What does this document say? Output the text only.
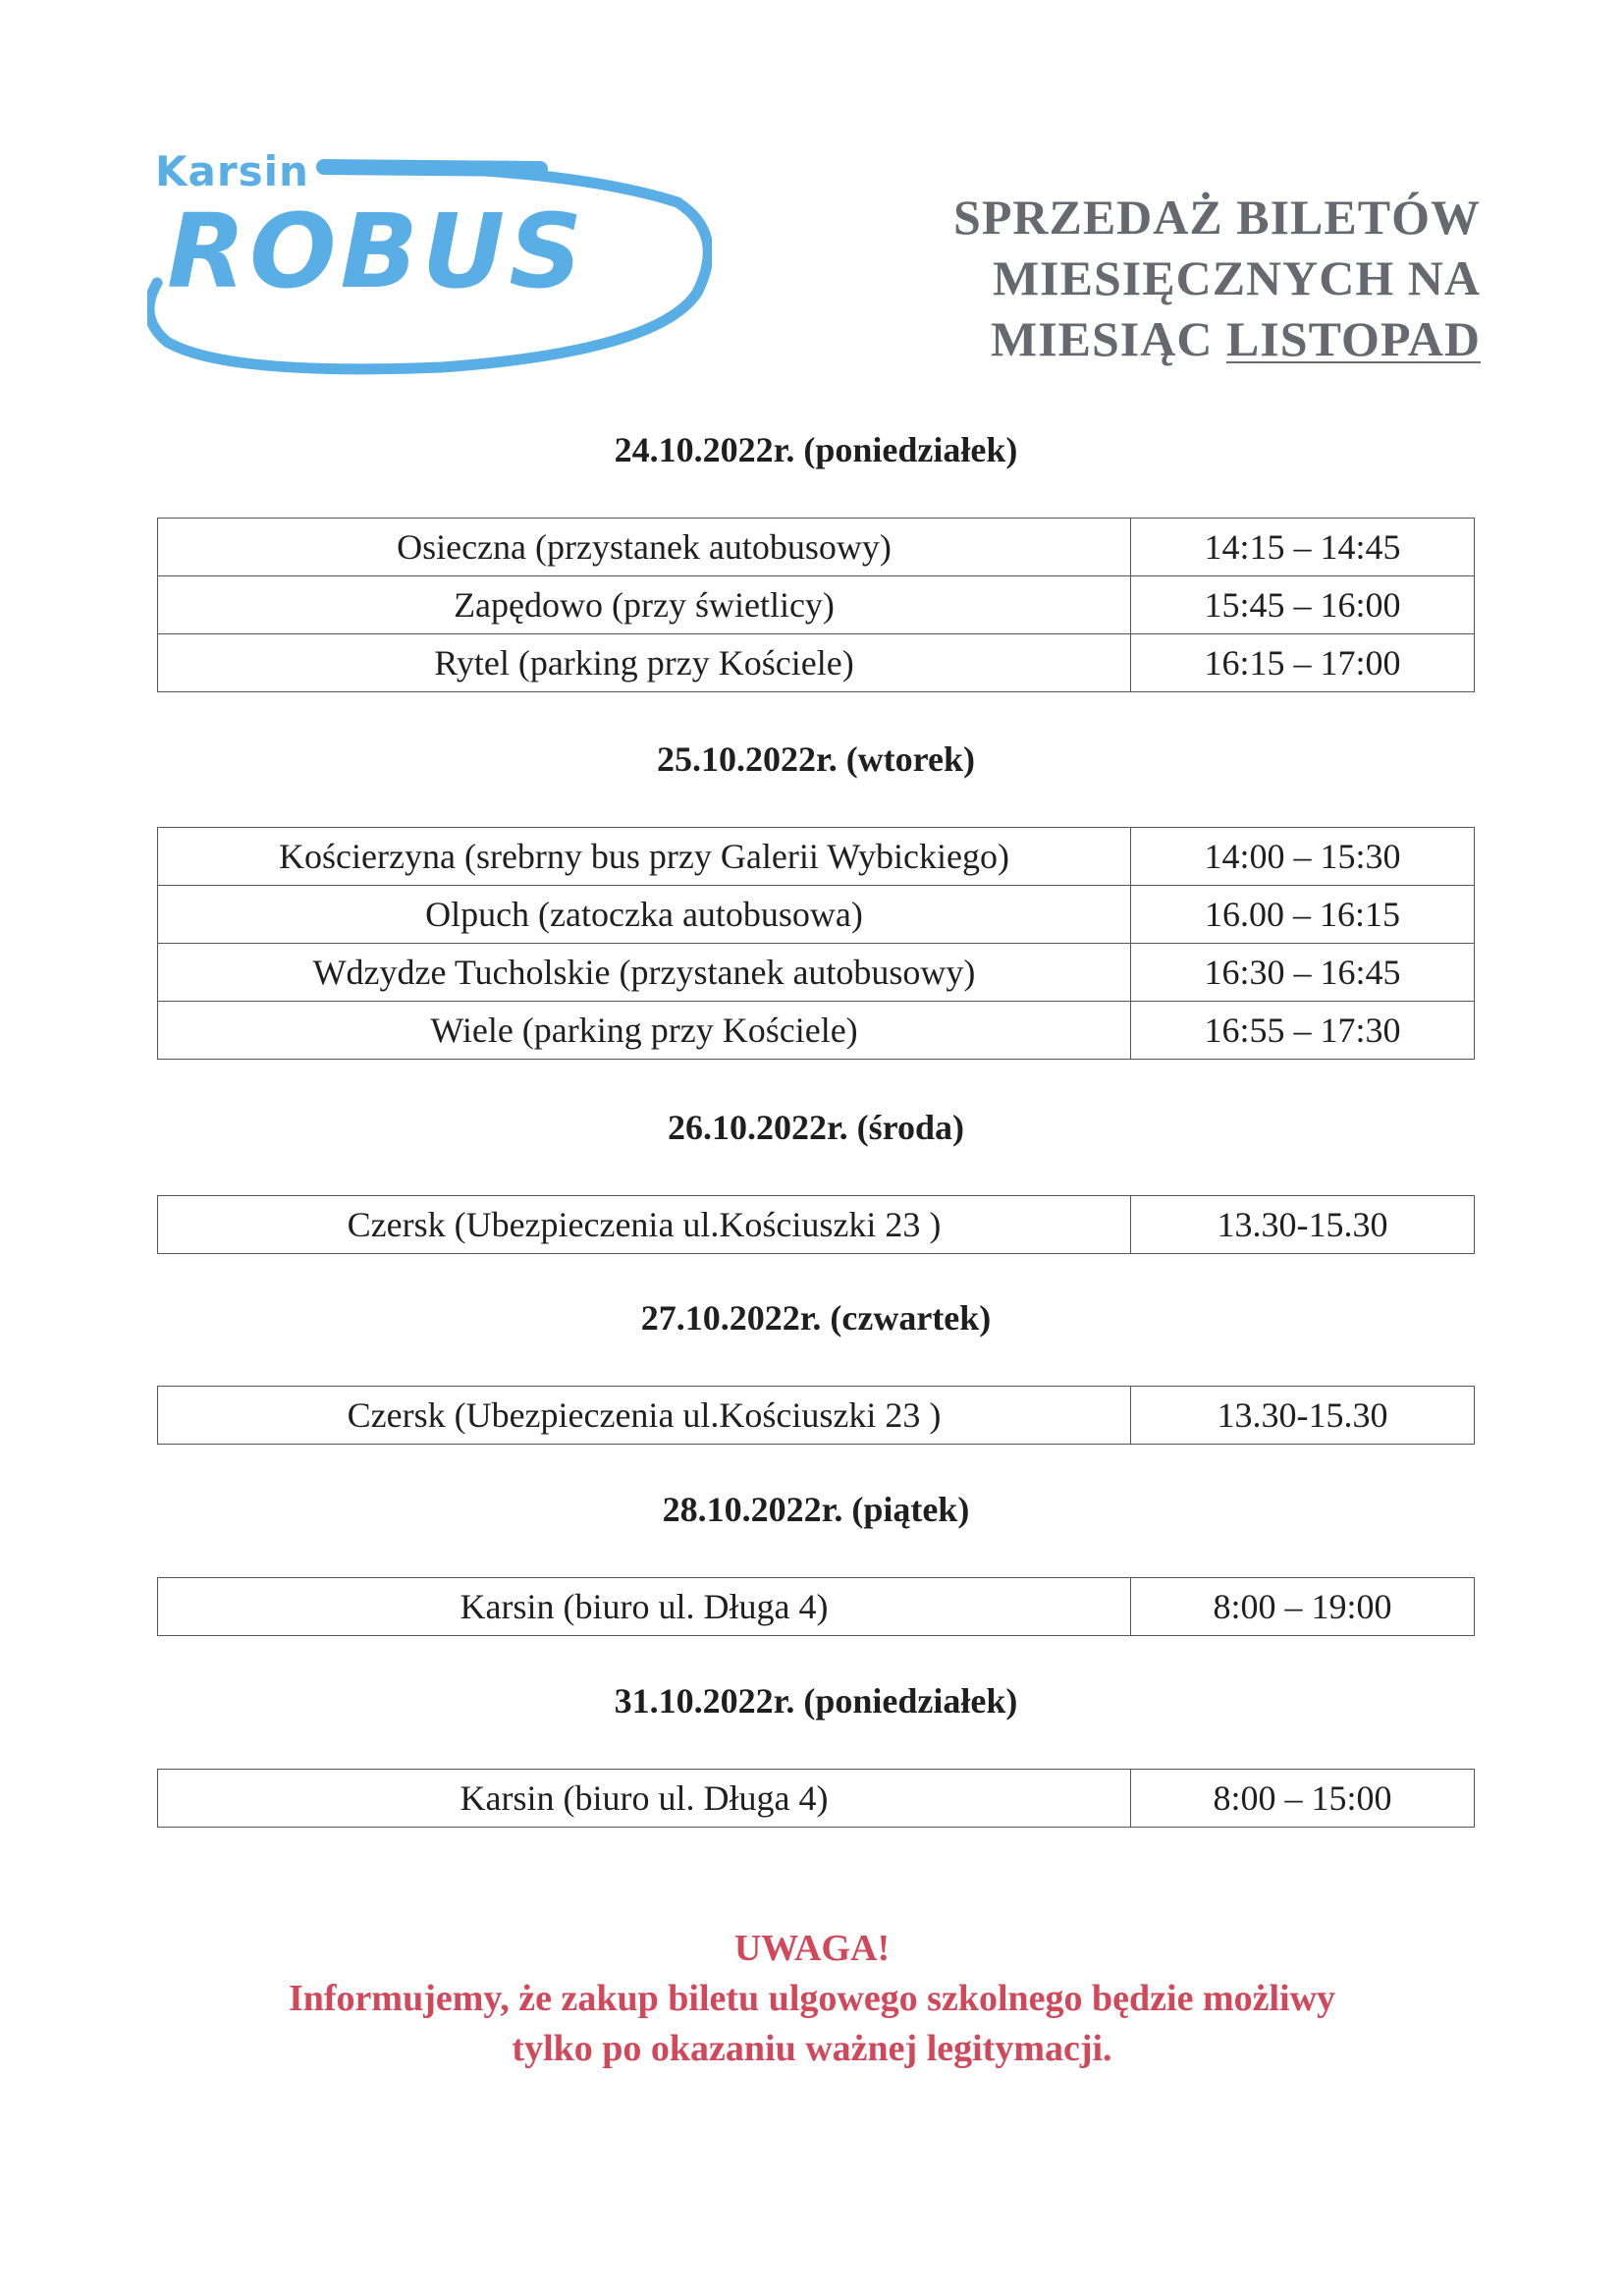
Karsin
ROBUS	SPRZEDAŻ BILETÓW
MIESIĘCZNYCH NA
MIESIĄC LISTOPAD
24.10.2022r. (poniedziałek)
Osieczna (przystanek autobusowy)	14:15 – 14:45
Zapędowo (przy świetlicy)	15:45 – 16:00
Rytel (parking przy Kościele)	16:15 – 17:00
25.10.2022r. (wtorek)
Kościerzyna (srebrny bus przy Galerii Wybickiego)	14:00 – 15:30
Olpuch (zatoczka autobusowa)	16.00 – 16:15
Wdzydze Tucholskie (przystanek autobusowy)	16:30 – 16:45
Wiele (parking przy Kościele)	16:55 – 17:30
26.10.2022r. (środa)
Czersk (Ubezpieczenia ul.Kościuszki 23 )	13.30-15.30
27.10.2022r. (czwartek)
Czersk (Ubezpieczenia ul.Kościuszki 23 )	13.30-15.30
28.10.2022r. (piątek)
Karsin (biuro ul. Długa 4)	8:00 – 19:00
31.10.2022r. (poniedziałek)
Karsin (biuro ul. Długa 4)	8:00 – 15:00
UWAGA!
Informujemy, że zakup biletu ulgowego szkolnego będzie możliwy
tylko po okazaniu ważnej legitymacji.
